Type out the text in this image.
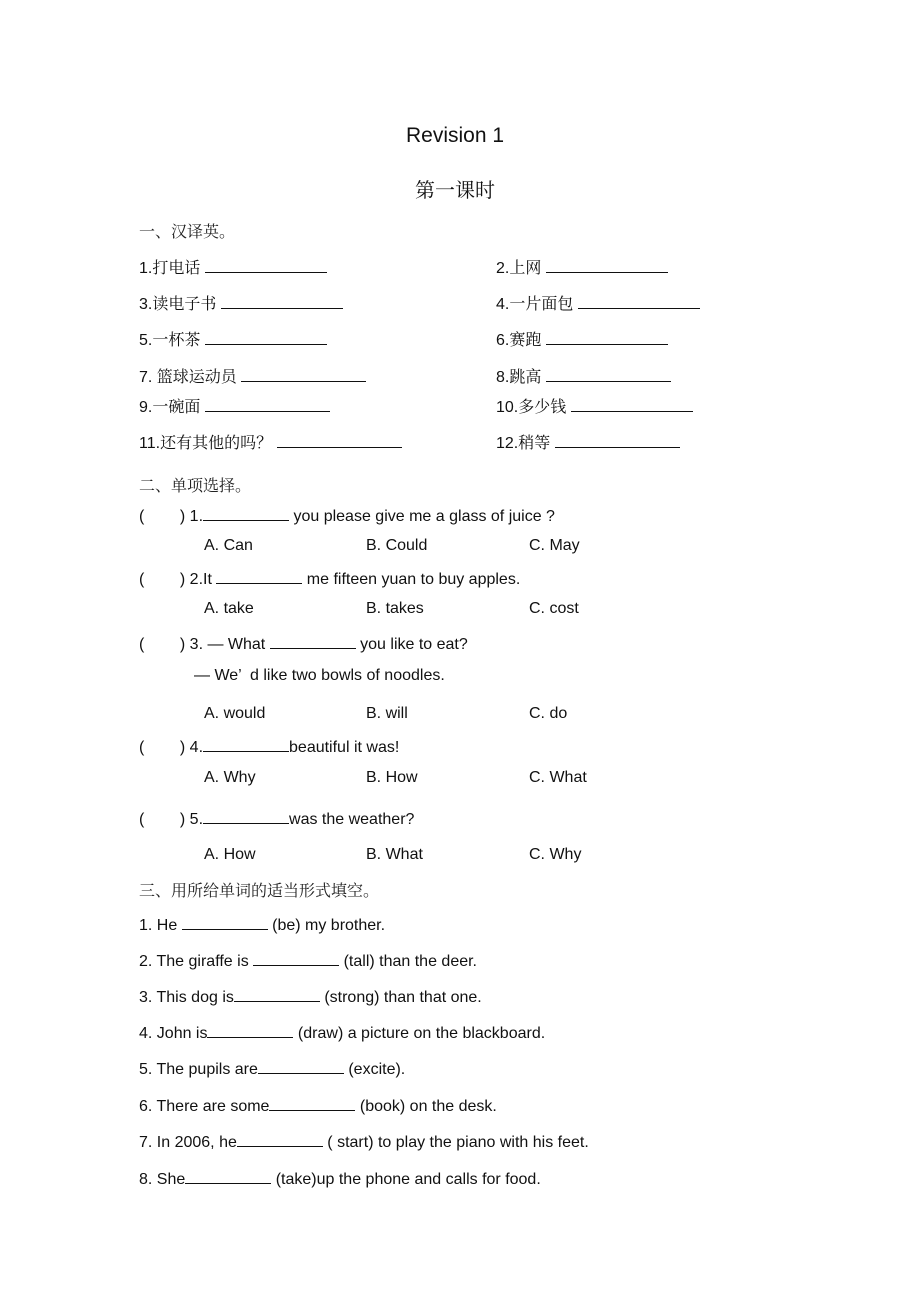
Revision 1
第一课时
一、汉译英。
1.打电话	2.上网
3.读电子书	4.一片面包
5.一杯茶	6.赛跑
7. 篮球运动员	8.跳高
9.一碗面	10.多少钱
11.还有其他的吗？	12.稍等
二、单项选择。
(        ) 1.	you please give me a glass of juice ?
A. Can	B. Could	C. May
(        ) 2.It	me fifteen yuan to buy apples.
A. take	B. takes	C. cost
(        ) 3. — What	you like to eat?
— We’  d like two bowls of noodles.
A. would	B. will	C. do
(        ) 4.	beautiful it was!
A. Why	B. How	C. What
(        ) 5.	was the weather?
A. How	B. What	C. Why
三、用所给单词的适当形式填空。
1. He	(be) my brother.
2. The giraffe is	(tall) than the deer.
3. This dog is	(strong) than that one.
4. John is	(draw) a picture on the blackboard.
5. The pupils are	(excite).
6. There are some	(book) on the desk.
7. In 2006, he	( start) to play the piano with his feet.
8. She	(take)up the phone and calls for food.
